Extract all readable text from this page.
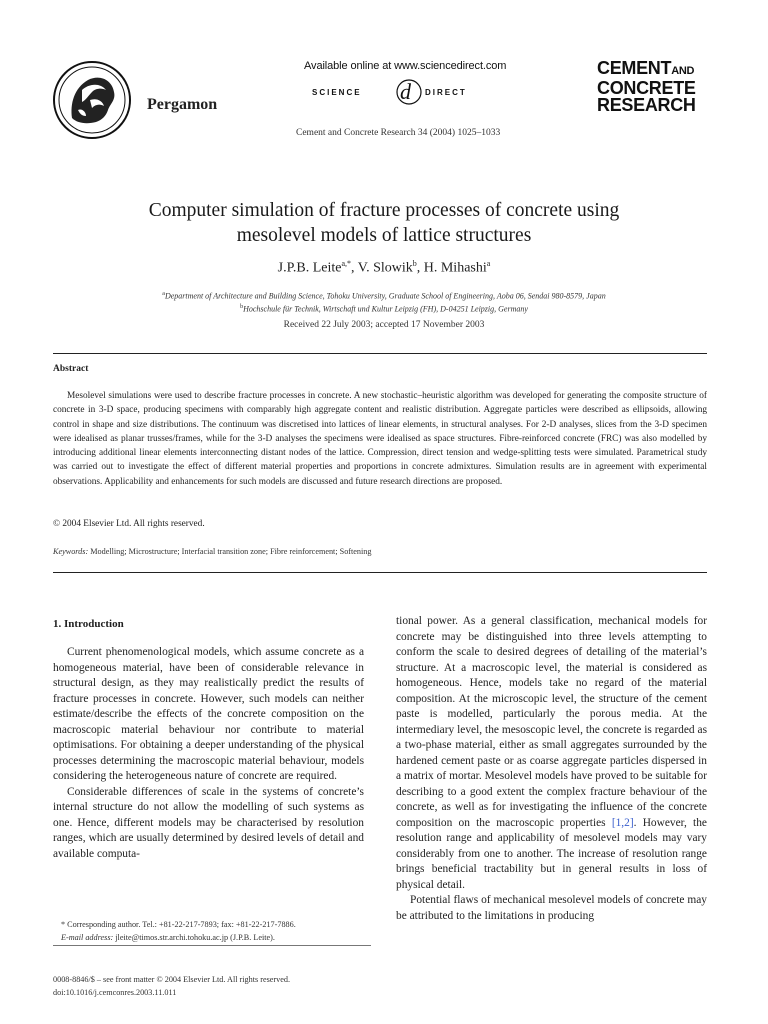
Pergamon
Available online at www.sciencedirect.com
SCIENCE d DIRECT
Cement and Concrete Research 34 (2004) 1025–1033
CEMENTAND
CONCRETE
RESEARCH
Computer simulation of fracture processes of concrete using
mesolevel models of lattice structures
J.P.B. Leite$^{a,*}$, V. Slowik$^b$, H. Mihashi$^a$
$^a$Department of Architecture and Building Science, Tohoku University, Graduate School of Engineering, Aoba 06, Sendai 980-8579, Japan
$^b$Hochschule für Technik, Wirtschaft und Kultur Leipzig (FH), D-04251 Leipzig, Germany
Received 22 July 2003; accepted 17 November 2003
Abstract
Mesolevel simulations were used to describe fracture processes in concrete. A new stochastic–heuristic algorithm was developed for generating the composite structure of concrete in 3-D space, producing specimens with comparably high aggregate content and realistic distribution. Aggregate particles were described as ellipsoids, allowing control in shape and size distributions. The continuum was discretised into lattices of linear elements, in structural analyses. For 2-D analyses, slices from the 3-D specimen were idealised as planar trusses/frames, while for the 3-D analyses the specimens were idealised as space structures. Fibre-reinforced concrete (FRC) was also modelled by introducing additional linear elements interconnecting distant nodes of the lattice. Compression, direct tension and wedge-splitting tests were simulated. Parametrical study was carried out to investigate the effect of different material properties and proportions in concrete admixtures. Simulation results are in agreement with experimental observations. Applicability and enhancements for such models are discussed and future research directions are proposed.
© 2004 Elsevier Ltd. All rights reserved.
Keywords: Modelling; Microstructure; Interfacial transition zone; Fibre reinforcement; Softening
1. Introduction

Current phenomenological models, which assume concrete as a homogeneous material, have been of considerable relevance in structural design, as they may realistically predict the results of fracture processes in concrete. However, such models can neither estimate/describe the effects of the concrete composition on the macroscopic material behaviour nor contribute to material optimisations. For obtaining a deeper understanding of the physical processes determining the macroscopic material behaviour, models considering the heterogeneous nature of concrete are required.

Considerable differences of scale in the systems of concrete’s internal structure do not allow the modelling of such systems as one. Hence, different models may be characterised by resolution ranges, which are usually determined by desired levels of detail and available computa-

tional power. As a general classification, mechanical models for concrete may be distinguished into three levels attempting to conform the scale to desired degrees of detailing of the material’s structure. At a macroscopic level, the material is considered as homogeneous. Hence, models take no regard of the material composition. At the microscopic level, the structure of the cement paste is modelled, particularly the porous media. At the intermediary level, the mesoscopic level, the concrete is regarded as a two-phase material, either as small aggregates surrounded by the hardened cement paste or as coarse aggregate particles dispersed in a matrix of mortar. Mesolevel models have proved to be suitable for describing to a good extent the complex fracture behaviour of the concrete, as well as for investigating the influence of the concrete composition on the macroscopic properties [1,2]. However, the resolution range and applicability of mesolevel models may vary considerably from one to another. The increase of resolution range brings beneficial tractability but in general results in loss of physical detail.

Potential flaws of mechanical mesolevel models of concrete may be attributed to the limitations in producing

* Corresponding author. Tel.: +81-22-217-7893; fax: +81-22-217-7886.

E-mail address: jleite@timos.str.archi.tohoku.ac.jp (J.P.B. Leite).

0008-8846/$ – see front matter © 2004 Elsevier Ltd. All rights reserved.
doi:10.1016/j.cemconres.2003.11.011
